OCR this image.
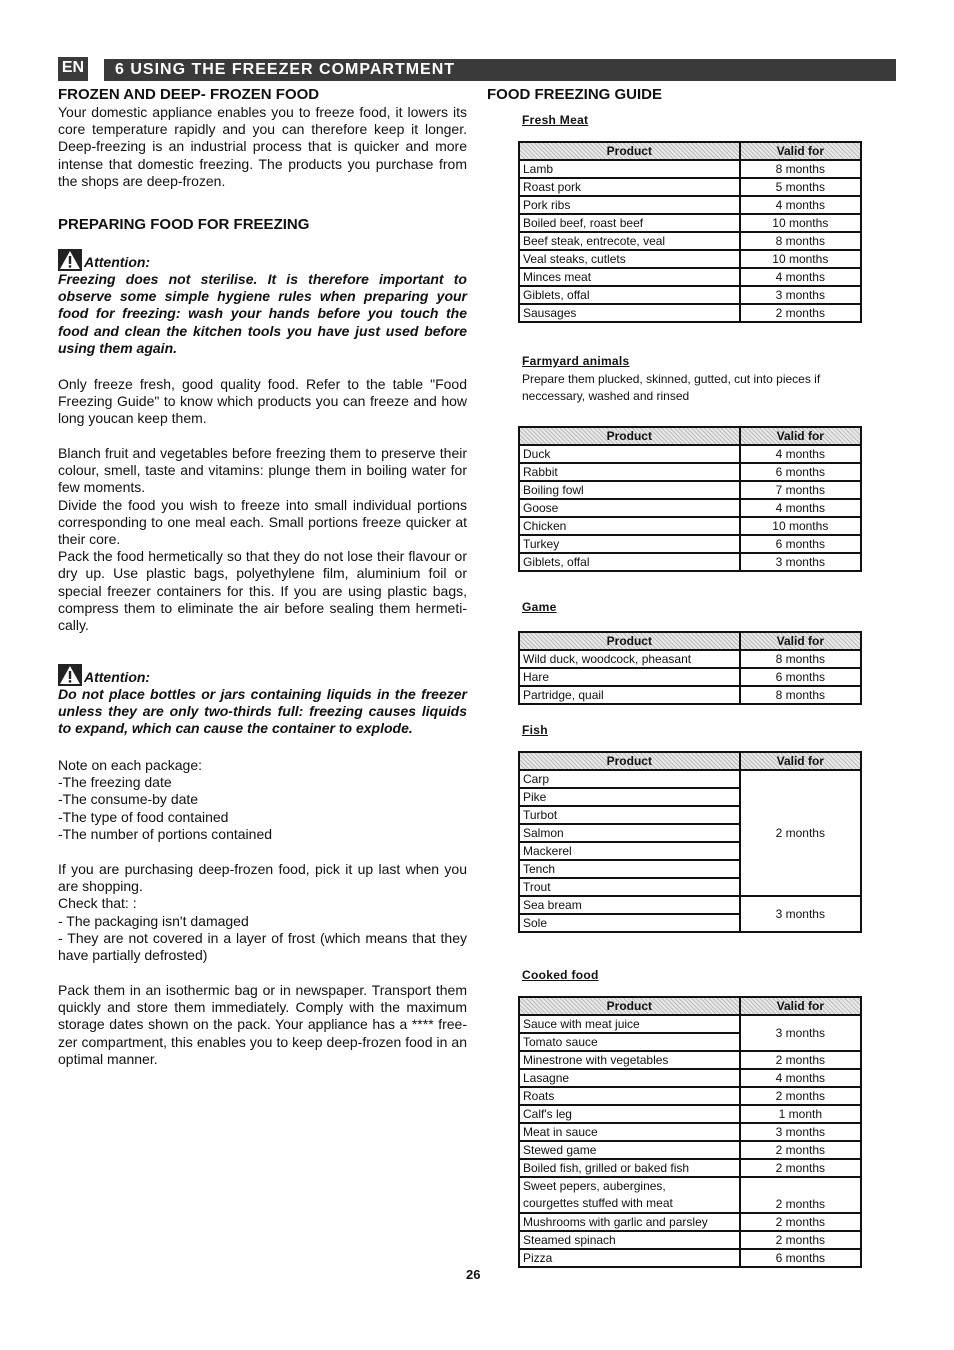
EN	6 USING THE FREEZER COMPARTMENT
FROZEN AND DEEP- FROZEN FOOD

Your domestic appliance enables you to freeze food, it lowers its core temperature rapidly and you can therefore keep it longer. Deep-freezing is an industrial process that is quicker and more intense that domestic freezing. The products you purchase from the shops are deep-frozen.

PREPARING FOOD FOR FREEZING
Attention:

Freezing does not sterilise. It is therefore important to observe some simple hygiene rules when preparing your food for freezing: wash your hands before you touch the food and clean the kitchen tools you have just used before using them again.

Only freeze fresh, good quality food. Refer to the table "Food Freezing Guide" to know which products you can freeze and how long youcan keep them.

Blanch fruit and vegetables before freezing them to preserve their colour, smell, taste and vitamins: plunge them in boiling water for few moments.

Divide the food you wish to freeze into small individual portions corresponding to one meal each. Small portions freeze quicker at their core.

Pack the food hermetically so that they do not lose their flavour or dry up. Use plastic bags, polyethylene film, aluminium foil or special freezer containers for this. If you are using plastic bags, compress them to eliminate the air before sealing them hermeti-cally.

Attention:

Do not place bottles or jars containing liquids in the freezer unless they are only two-thirds full: freezing causes liquids to expand, which can cause the container to explode.

Note on each package:

-The freezing date

-The consume-by date

-The type of food contained

-The number of portions contained

If you are purchasing deep-frozen food, pick it up last when you are shopping.

Check that: :

- The packaging isn't damaged

- They are not covered in a layer of frost (which means that they have partially defrosted)

Pack them in an isothermic bag or in newspaper. Transport them quickly and store them immediately. Comply with the maximum storage dates shown on the pack. Your appliance has a **** free-zer compartment, this enables you to keep deep-frozen food in an optimal manner.

FOOD FREEZING GUIDE
Fresh Meat
Product	Valid for
Lamb	8 months
Roast pork	5 months
Pork ribs	4 months
Boiled beef, roast beef	10 months
Beef steak, entrecote, veal	8 months
Veal steaks, cutlets	10 months
Minces meat	4 months
Giblets, offal	3 months
Sausages	2 months
Farmyard animals
Prepare them plucked, skinned, gutted, cut into pieces if neccessary, washed and rinsed
Product	Valid for
Duck	4 months
Rabbit	6 months
Boiling fowl	7 months
Goose	4 months
Chicken	10 months
Turkey	6 months
Giblets, offal	3 months
Game
Product	Valid for
Wild duck, woodcock, pheasant	8 months
Hare	6 months
Partridge, quail	8 months
Fish
Product	Valid for
Carp	2 months
Pike	
Turbot	
Salmon	
Mackerel	
Tench	
Trout	
Sea bream	3 months
Sole	
Cooked food
Product	Valid for
Sauce with meat juice	3 months
Tomato sauce	
Minestrone with vegetables	2 months
Lasagne	4 months
Roats	2 months
Calf's leg	1 month
Meat in sauce	3 months
Stewed game	2 months
Boiled fish, grilled or baked fish	2 months
Sweet pepers, aubergines,
courgettes stuffed with meat	2 months
Mushrooms with garlic and parsley	2 months
Steamed spinach	2 months
Pizza	6 months
26
